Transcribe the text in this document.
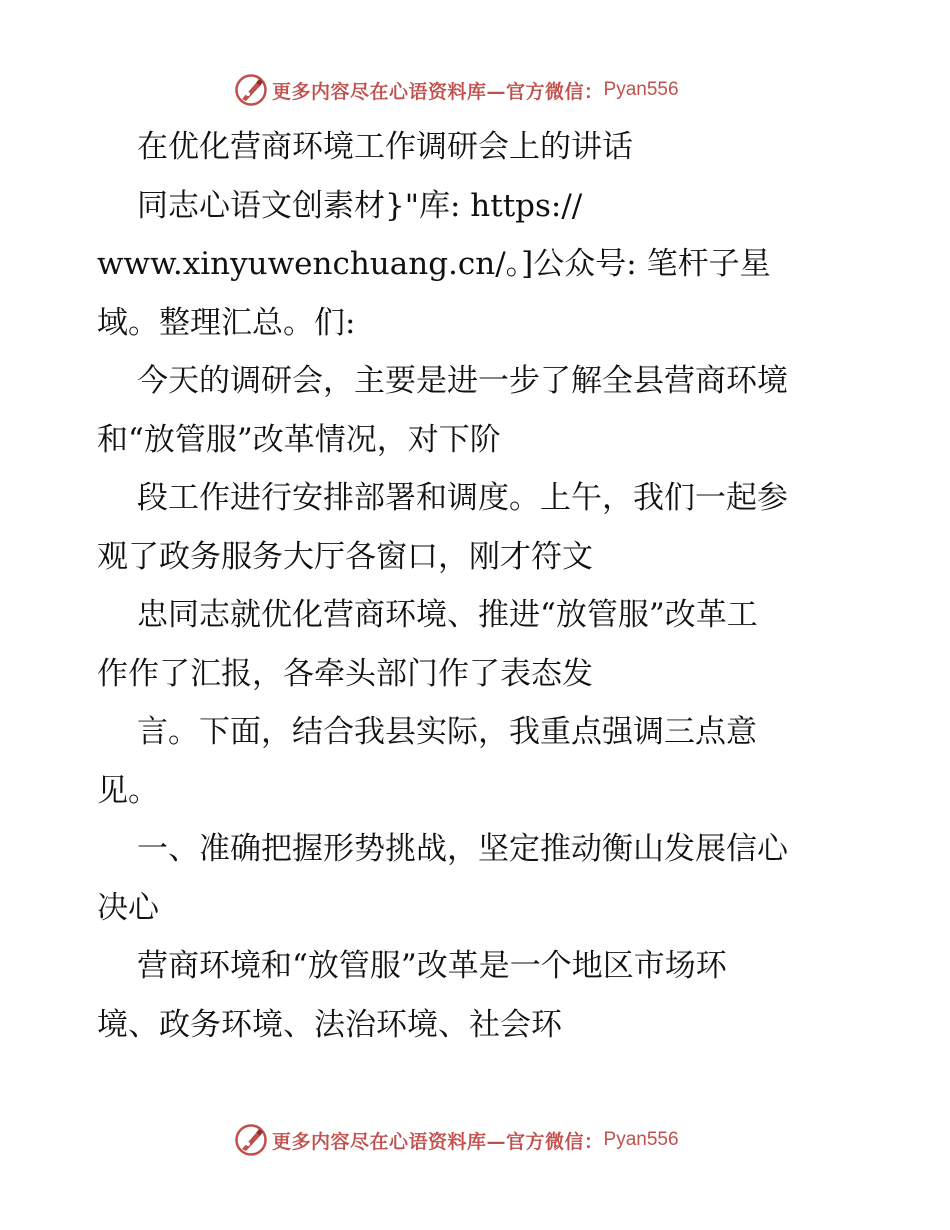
更多内容尽在心语资料库—官方微信： Pyan556
在优化营商环境工作调研会上的讲话
同志心语文创素材}"库: https://
www.xinyuwenchuang.cn/。]公众号: 笔杆子星
域。整理汇总。们:
今天的调研会，主要是进一步了解全县营商环境
和“放管服”改革情况，对下阶
段工作进行安排部署和调度。上午，我们一起参
观了政务服务大厅各窗口，刚才符文
忠同志就优化营商环境、推进“放管服”改革工
作作了汇报，各牵头部门作了表态发
言。下面，结合我县实际，我重点强调三点意
见。
一、准确把握形势挑战，坚定推动衡山发展信心
决心
营商环境和“放管服”改革是一个地区市场环
境、政务环境、法治环境、社会环
更多内容尽在心语资料库—官方微信： Pyan556
